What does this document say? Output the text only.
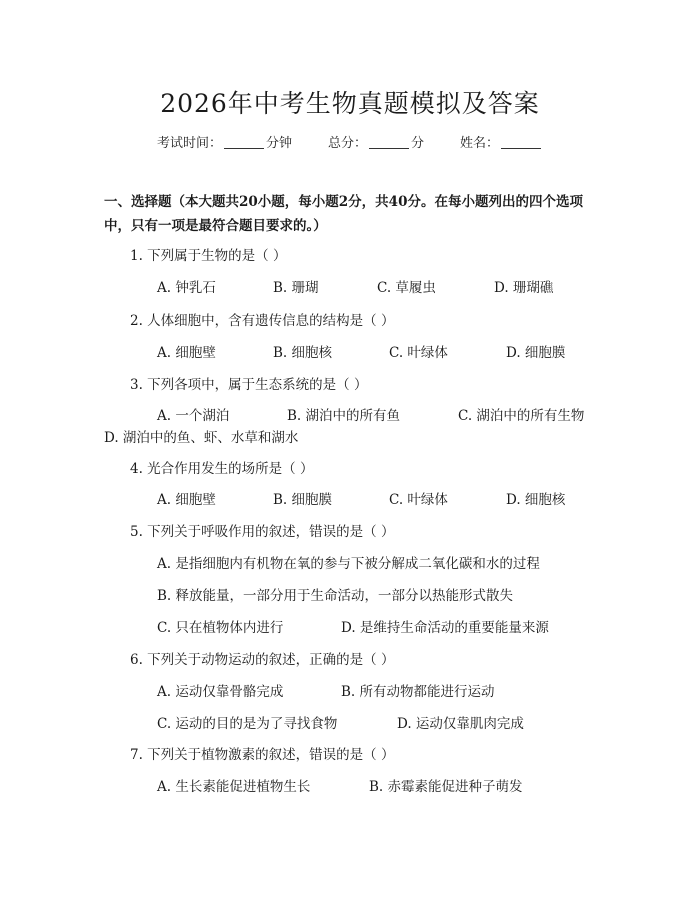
2026年中考生物真题模拟及答案
考试时间：	分钟	总分：	分	姓名：
一、选择题（本大题共20小题，每小题2分，共40分。在每小题列出的四个选项中，只有一项是最符合题目要求的。）
1. 下列属于生物的是（ ）
A. 钟乳石	B. 珊瑚	C. 草履虫	D. 珊瑚礁
2. 人体细胞中，含有遗传信息的结构是（ ）
A. 细胞壁	B. 细胞核	C. 叶绿体	D. 细胞膜
3. 下列各项中，属于生态系统的是（ ）
A. 一个湖泊	B. 湖泊中的所有鱼	C. 湖泊中的所有生物
D. 湖泊中的鱼、虾、水草和湖水
4. 光合作用发生的场所是（ ）
A. 细胞壁	B. 细胞膜	C. 叶绿体	D. 细胞核
5. 下列关于呼吸作用的叙述，错误的是（ ）
A. 是指细胞内有机物在氧的参与下被分解成二氧化碳和水的过程
B. 释放能量，一部分用于生命活动，一部分以热能形式散失
C. 只在植物体内进行	D. 是维持生命活动的重要能量来源
6. 下列关于动物运动的叙述，正确的是（ ）
A. 运动仅靠骨骼完成	B. 所有动物都能进行运动
C. 运动的目的是为了寻找食物	D. 运动仅靠肌肉完成
7. 下列关于植物激素的叙述，错误的是（ ）
A. 生长素能促进植物生长	B. 赤霉素能促进种子萌发
